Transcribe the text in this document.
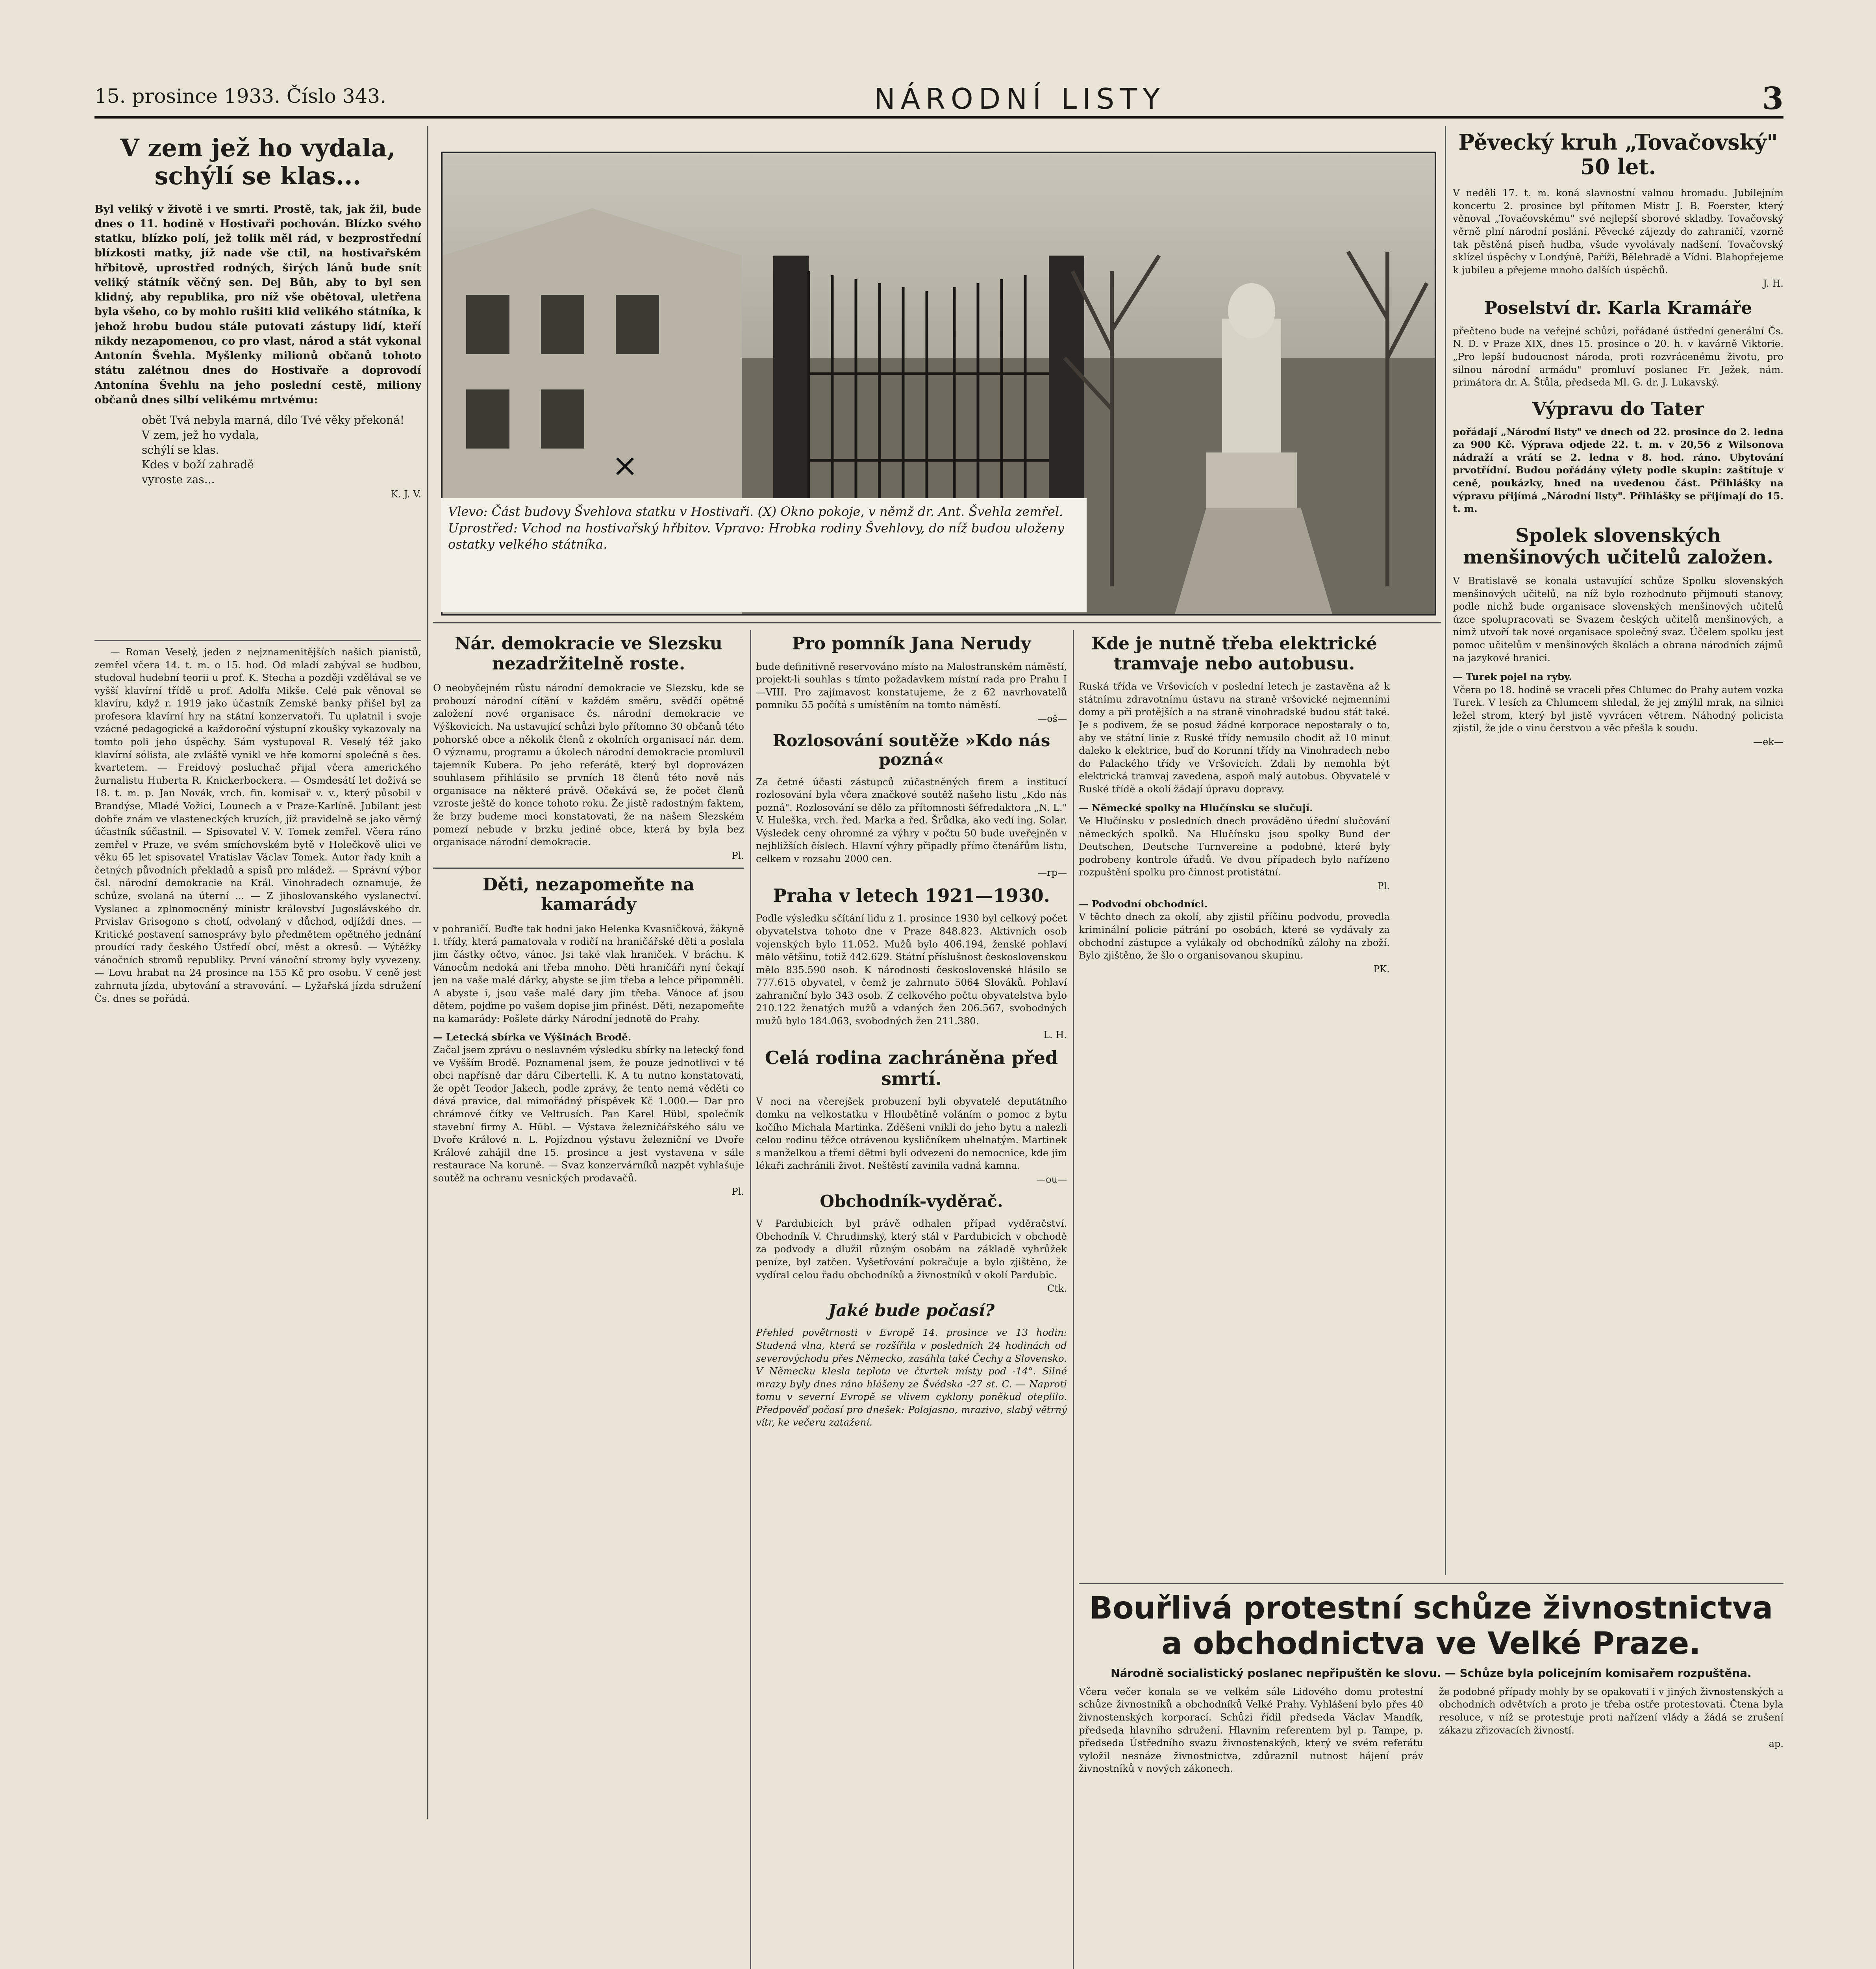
15. prosince 1933. Číslo 343.	NÁRODNÍ LISTY	3
V zem jež ho vydala, schýlí se klas...
Byl veliký v životě i ve smrti. Prostě, tak, jak žil, bude dnes o 11. hodině v Hostivaři pochován. Blízko svého statku, blízko polí, jež tolik měl rád, v bezprostřední blízkosti matky, jíž nade vše ctil, na hostivařském hřbitově, uprostřed rodných, širých lánů bude snít veliký státník věčný sen. Dej Bůh, aby to byl sen klidný, aby republika, pro níž vše obětoval, uletřena byla všeho, co by mohlo rušiti klid velikého státníka, k jehož hrobu budou stále putovati zástupy lidí, kteří nikdy nezapomenou, co pro vlast, národ a stát vykonal Antonín Švehla. Myšlenky milionů občanů tohoto státu zalétnou dnes do Hostivaře a doprovodí Antonína Švehlu na jeho poslední cestě, miliony občanů dnes silbí velikému mrtvému:
obět Tvá nebyla marná, dílo Tvé věky překoná!
V zem, jež ho vydala,
schýlí se klas.
Kdes v boží zahradě
vyroste zas...
K. J. V.
×
Vlevo: Část budovy Švehlova statku v Hostivaři. (X) Okno pokoje, v němž dr. Ant. Švehla zemřel. Uprostřed: Vchod na hostivařský hřbitov. Vpravo: Hrobka rodiny Švehlovy, do níž budou uloženy ostatky velkého státníka.

— Roman Veselý, jeden z nejznamenitějších našich pianistů, zemřel včera 14. t. m. o 15. hod. Od mladí zabýval se hudbou, studoval hudební teorii u prof. K. Stecha a později vzdělával se ve vyšší klavírní třídě u prof. Adolfa Mikše. Celé pak věnoval se klavíru, když r. 1919 jako účastník Zemské banky přišel byl za profesora klavírní hry na státní konzervatoři. Tu uplatnil i svoje vzácné pedagogické a každoroční výstupní zkoušky vykazovaly na tomto poli jeho úspěchy. Sám vystupoval R. Veselý též jako klavírní sólista, ale zvláště vynikl ve hře komorní společně s čes. kvartetem. — Freidový posluchač přijal včera amerického žurnalistu Huberta R. Knickerbockera. — Osmdesátí let dožívá se 18. t. m. p. Jan Novák, vrch. fin. komisař v. v., který působil v Brandýse, Mladé Vožici, Lounech a v Praze-Karlíně. Jubilant jest dobře znám ve vlasteneckých kruzích, již pravidelně se jako věrný účastník súčastnil. — Spisovatel V. V. Tomek zemřel. Včera ráno zemřel v Praze, ve svém smíchovském bytě v Holečkově ulici ve věku 65 let spisovatel Vratislav Václav Tomek. Autor řady knih a četných původních překladů a spisů pro mládež. — Správní výbor čsl. národní demokracie na Král. Vinohradech oznamuje, že schůze, svolaná na úterní ... — Z jihoslovanského vyslanectví. Vyslanec a zplnomocněný ministr království Jugoslávského dr. Prvislav Grisogono s chotí, odvolaný v důchod, odjíždí dnes. — Kritické postavení samosprávy bylo předmětem opětného jednání proudící rady českého Ústředí obcí, měst a okresů. — Výtěžky vánočních stromů republiky. První vánoční stromy byly vyvezeny. — Lovu hrabat na 24 prosince na 155 Kč pro osobu. V ceně jest zahrnuta jízda, ubytování a stravování. — Lyžařská jízda sdružení Čs. dnes se pořádá.

Nár. demokracie ve Slezsku nezadržitelně roste.
O neobyčejném růstu národní demokracie ve Slezsku, kde se probouzí národní cítění v každém směru, svědčí opětně založení nové organisace čs. národní demokracie ve Výškovicích. Na ustavující schůzi bylo přítomno 30 občanů této pohorské obce a několik členů z okolních organisací nár. dem. O významu, programu a úkolech národní demokracie promluvil tajemník Kubera. Po jeho referátě, který byl doprovázen souhlasem přihlásilo se prvních 18 členů této nově nás organisace na některé právě. Očekává se, že počet členů vzroste ještě do konce tohoto roku. Že jistě radostným faktem, že brzy budeme moci konstatovati, že na našem Slezském pomezí nebude v brzku jediné obce, která by byla bez organisace národní demokracie.
Pl.
Děti, nezapomeňte na kamarády
v pohraničí. Buďte tak hodni jako Helenka Kvasničková, žákyně I. třídy, která pamatovala v rodičí na hraničářské děti a poslala jim částky očtvo, vánoc. Jsi také vlak hraniček. V bráchu. K Vánocům nedoká ani třeba mnoho. Děti hraničáři nyní čekají jen na vaše malé dárky, abyste se jim třeba a lehce připomněli. A abyste i, jsou vaše malé dary jim třeba. Vánoce ať jsou dětem, pojďme po vašem dopise jim přinést. Děti, nezapomeňte na kamarády: Pošlete dárky Národní jednotě do Prahy.
— Letecká sbírka ve Výšinách Brodě.
Začal jsem zprávu o neslavném výsledku sbírky na letecký fond ve Vyšším Brodě. Poznamenal jsem, že pouze jednotlivci v té obci napřísně dar dáru Cibertelli. K. A tu nutno konstatovati, že opět Teodor Jakech, podle zprávy, že tento nemá věděti co dává pravice, dal mimořádný příspěvek Kč 1.000.— Dar pro chrámové čítky ve Veltrusích. Pan Karel Hübl, společník stavební firmy A. Hübl. — Výstava železničářského sálu ve Dvoře Králové n. L. Pojízdnou výstavu železniční ve Dvoře Králové zahájil dne 15. prosince a jest vystavena v sále restaurace Na koruně. — Svaz konzervárníků nazpět vyhlašuje soutěž na ochranu vesnických prodavačů.
Pl.
Pro pomník Jana Nerudy
bude definitivně reservováno místo na Malostranském náměstí, projekt-li souhlas s tímto požadavkem místní rada pro Prahu I—VIII. Pro zajímavost konstatujeme, že z 62 navrhovatelů pomníku 55 počítá s umístěním na tomto náměstí.
—oš—
Rozlosování soutěže »Kdo nás pozná«
Za četné účasti zástupců zúčastněných firem a institucí rozlosování byla včera značkové soutěž našeho listu „Kdo nás pozná". Rozlosování se dělo za přítomnosti šéfredaktora „N. L." V. Huleška, vrch. řed. Marka a řed. Šrůdka, ako vedí ing. Solar. Výsledek ceny ohromné za výhry v počtu 50 bude uveřejněn v nejbližších číslech. Hlavní výhry připadly přímo čtenářům listu, celkem v rozsahu 2000 cen.
—rp—
Praha v letech 1921—1930.
Podle výsledku sčítání lidu z 1. prosince 1930 byl celkový počet obyvatelstva tohoto dne v Praze 848.823. Aktivních osob vojenských bylo 11.052. Mužů bylo 406.194, ženské pohlaví mělo většinu, totiž 442.629. Státní příslušnost československou mělo 835.590 osob. K národnosti československé hlásilo se 777.615 obyvatel, v čemž je zahrnuto 5064 Slováků. Pohlaví zahraniční bylo 343 osob. Z celkového počtu obyvatelstva bylo 210.122 ženatých mužů a vdaných žen 206.567, svobodných mužů bylo 184.063, svobodných žen 211.380.
L. H.
Celá rodina zachráněna před smrtí.
V noci na včerejšek probuzení byli obyvatelé deputátního domku na velkostatku v Hloubětíně voláním o pomoc z bytu kočího Michala Martinka. Zděšeni vnikli do jeho bytu a nalezli celou rodinu těžce otrávenou kysličníkem uhelnatým. Martinek s manželkou a třemi dětmi byli odvezeni do nemocnice, kde jim lékaři zachránili život. Neštěstí zavinila vadná kamna.
—ou—
Obchodník-vyděrač.
V Pardubicích byl právě odhalen případ vyděračství. Obchodník V. Chrudimský, který stál v Pardubicích v obchodě za podvody a dlužil různým osobám na základě vyhrůžek peníze, byl zatčen. Vyšetřování pokračuje a bylo zjištěno, že vydíral celou řadu obchodníků a živnostníků v okolí Pardubic.
Ctk.
Jaké bude počasí?
Přehled povětrnosti v Evropě 14. prosince ve 13 hodin: Studená vlna, která se rozšířila v posledních 24 hodinách od severovýchodu přes Německo, zasáhla také Čechy a Slovensko. V Německu klesla teplota ve čtvrtek místy pod -14°. Silné mrazy byly dnes ráno hlášeny ze Švédska -27 st. C. — Naproti tomu v severní Evropě se vlivem cyklony poněkud oteplilo. Předpověď počasí pro dnešek: Polojasno, mrazivo, slabý větrný vítr, ke večeru zatažení.
Kde je nutně třeba elektrické tramvaje nebo autobusu.
Ruská třída ve Vršovicích v poslední letech je zastavěna až k státnímu zdravotnímu ústavu na straně vršovické nejmenními domy a při protějších a na straně vinohradské budou stát také. Je s podivem, že se posud žádné korporace nepostaraly o to, aby ve státní linie z Ruské třídy nemusilo chodit až 10 minut daleko k elektrice, buď do Korunní třídy na Vinohradech nebo do Palackého třídy ve Vršovicích. Zdali by nemohla být elektrická tramvaj zavedena, aspoň malý autobus. Obyvatelé v Ruské třídě a okolí žádají úpravu dopravy.
— Německé spolky na Hlučínsku se slučují.
Ve Hlučínsku v posledních dnech prováděno úřední slučování německých spolků. Na Hlučínsku jsou spolky Bund der Deutschen, Deutsche Turnvereine a podobné, které byly podrobeny kontrole úřadů. Ve dvou případech bylo nařízeno rozpuštění spolku pro činnost protistátní.
Pl.
— Podvodní obchodníci.
V těchto dnech za okolí, aby zjistil příčinu podvodu, provedla kriminální policie pátrání po osobách, které se vydávaly za obchodní zástupce a vylákaly od obchodníků zálohy na zboží. Bylo zjištěno, že šlo o organisovanou skupinu.
PK.
Pěvecký kruh „Tovačovský" 50 let.
V neděli 17. t. m. koná slavnostní valnou hromadu. Jubilejním koncertu 2. prosince byl přítomen Mistr J. B. Foerster, který věnoval „Tovačovskému" své nejlepší sborové skladby. Tovačovský věrně plní národní poslání. Pěvecké zájezdy do zahraničí, vzorně tak pěstěná píseň hudba, všude vyvolávaly nadšení. Tovačovský sklízel úspěchy v Londýně, Paříži, Bělehradě a Vídni. Blahopřejeme k jubileu a přejeme mnoho dalších úspěchů.
J. H.
Poselství dr. Karla Kramáře
přečteno bude na veřejné schůzi, pořádané ústřední generální Čs. N. D. v Praze XIX, dnes 15. prosince o 20. h. v kavárně Viktorie. „Pro lepší budoucnost národa, proti rozvrácenému životu, pro silnou národní armádu" promluví poslanec Fr. Ježek, nám. primátora dr. A. Štůla, předseda Ml. G. dr. J. Lukavský.
Výpravu do Tater
pořádají „Národní listy" ve dnech od 22. prosince do 2. ledna za 900 Kč. Výprava odjede 22. t. m. v 20,56 z Wilsonova nádraží a vrátí se 2. ledna v 8. hod. ráno. Ubytování prvotřídní. Budou pořádány výlety podle skupin: zaštítuje v ceně, poukázky, hned na uvedenou část. Přihlášky na výpravu přijímá „Národní listy". Přihlášky se přijímají do 15. t. m.
Spolek slovenských menšinových učitelů založen.
V Bratislavě se konala ustavující schůze Spolku slovenských menšinových učitelů, na níž bylo rozhodnuto přijmouti stanovy, podle nichž bude organisace slovenských menšinových učitelů úzce spolupracovati se Svazem českých učitelů menšinových, a nimž utvoří tak nové organisace společný svaz. Účelem spolku jest pomoc učitelům v menšinových školách a obrana národních zájmů na jazykové hranici.
— Turek pojel na ryby.
Včera po 18. hodině se vraceli přes Chlumec do Prahy autem vozka Turek. V lesích za Chlumcem shledal, že jej zmýlil mrak, na silnici ležel strom, který byl jistě vyvrácen větrem. Náhodný policista zjistil, že jde o vinu čerstvou a věc přešla k soudu.
—ek—
Bouřlivá protestní schůze živnostnictva a obchodnictva ve Velké Praze.
Národně socialistický poslanec nepřipuštěn ke slovu. — Schůze byla policejním komisařem rozpuštěna.
Včera večer konala se ve velkém sále Lidového domu protestní schůze živnostníků a obchodníků Velké Prahy. Vyhlášení bylo přes 40 živnostenských korporací. Schůzi řídil předseda Václav Mandík, předseda hlavního sdružení. Hlavním referentem byl p. Tampe, p. předseda Ústředního svazu živnostenských, který ve svém referátu vyložil nesnáze živnostnictva, zdůraznil nutnost hájení práv živnostníků v nových zákonech.
že podobné případy mohly by se opakovati i v jiných živnostenských a obchodních odvětvích a proto je třeba ostře protestovati. Čtena byla resoluce, v níž se protestuje proti nařízení vlády a žádá se zrušení zákazu zřizovacích živností.
ap.
